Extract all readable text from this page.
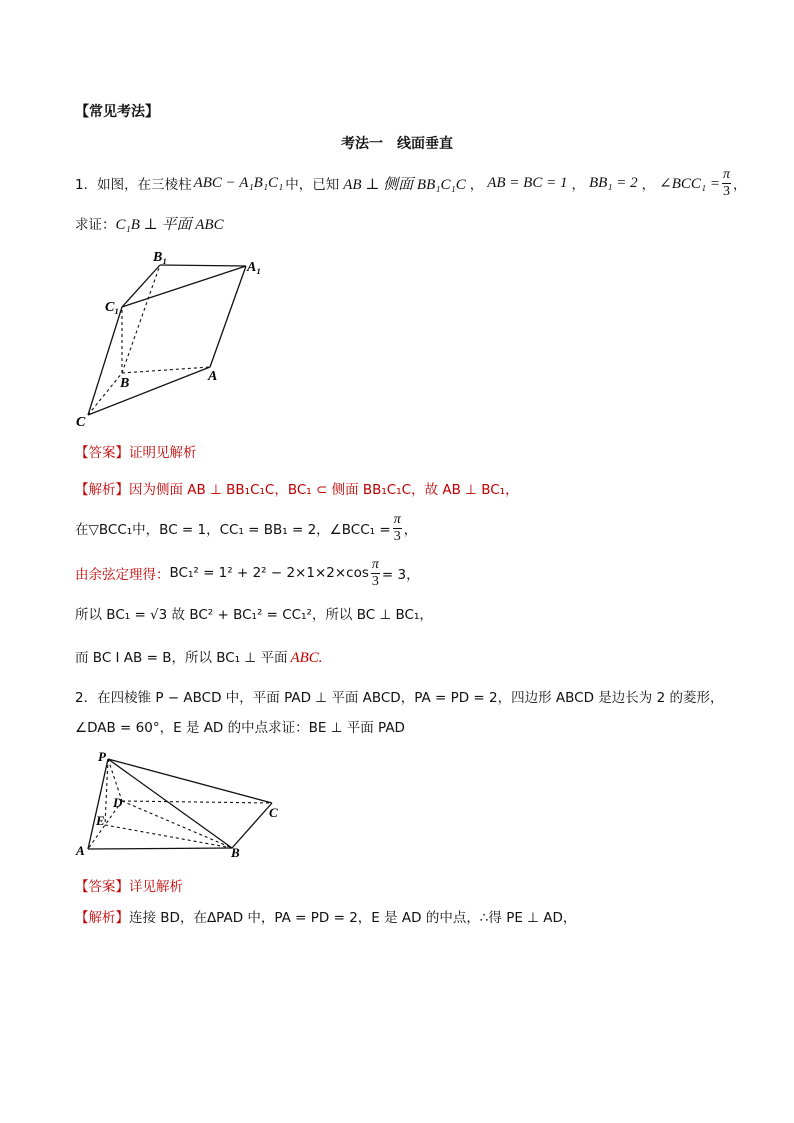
【常见考法】
考法一　线面垂直
1． 如图，在三棱柱 ABC − A₁B₁C₁ 中，已知 AB ⊥ 侧面 BB₁C₁C ， AB = BC = 1 ， BB₁ = 2 ， ∠BCC₁ = $\frac{\pi}{3}$ ，
求证：C₁B ⊥ 平面 ABC
B₁
A₁
C₁
B	A
C
【答案】证明见解析
【解析】因为侧面 AB ⊥ BB₁C₁C，BC₁ ⊂ 侧面 BB₁C₁C，故 AB ⊥ BC₁，
在▽BCC₁中，BC = 1，CC₁ = BB₁ = 2，∠BCC₁ = $\frac{\pi}{3}$ ，
由余弦定理得： $BC_1^2 = 1^2 + 2^2 - 2\times 1\times 2\times\cos \frac{\pi}{3} = 3$，
所以 BC₁ = √3 故 BC² + BC₁² = CC₁²，所以 BC ⊥ BC₁，
而 BC I AB = B，所以 BC₁ ⊥ 平面 ABC.
2．在四棱锥 P − ABCD 中，平面 PAD ⊥ 平面 ABCD，PA = PD = 2，四边形 ABCD 是边长为 2 的菱形，
∠DAB = 60°，E 是 AD 的中点求证：BE ⊥ 平面 PAD
P
D
C
E
A	B
【答案】详见解析
【解析】连接 BD，在ΔPAD 中，PA = PD = 2，E 是 AD 的中点，∴得 PE ⊥ AD，
